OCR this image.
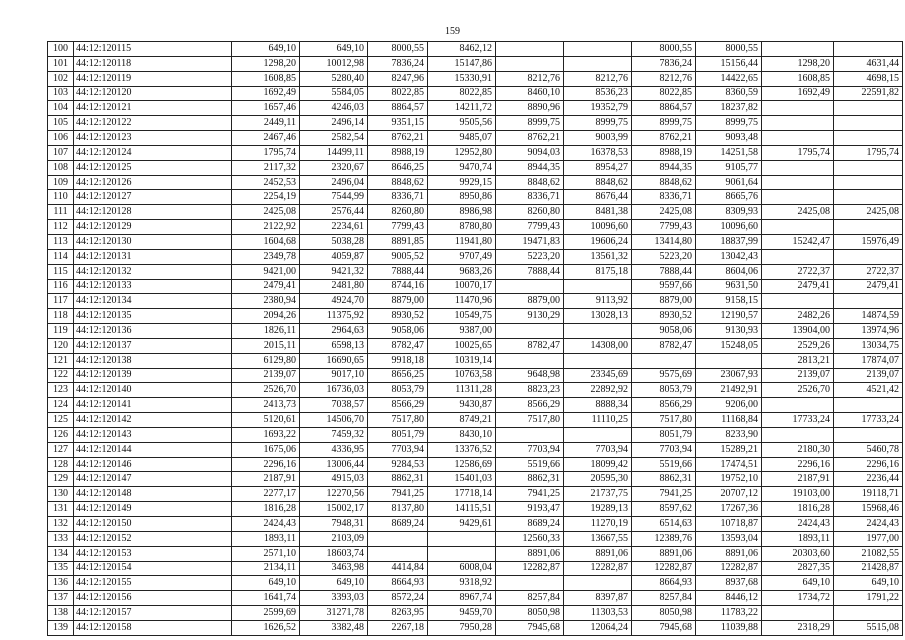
159
100	44:12:120115	649,10	649,10	8000,55	8462,12			8000,55	8000,55		
101	44:12:120118	1298,20	10012,98	7836,24	15147,86			7836,24	15156,44	1298,20	4631,44
102	44:12:120119	1608,85	5280,40	8247,96	15330,91	8212,76	8212,76	8212,76	14422,65	1608,85	4698,15
103	44:12:120120	1692,49	5584,05	8022,85	8022,85	8460,10	8536,23	8022,85	8360,59	1692,49	22591,82
104	44:12:120121	1657,46	4246,03	8864,57	14211,72	8890,96	19352,79	8864,57	18237,82		
105	44:12:120122	2449,11	2496,14	9351,15	9505,56	8999,75	8999,75	8999,75	8999,75		
106	44:12:120123	2467,46	2582,54	8762,21	9485,07	8762,21	9003,99	8762,21	9093,48		
107	44:12:120124	1795,74	14499,11	8988,19	12952,80	9094,03	16378,53	8988,19	14251,58	1795,74	1795,74
108	44:12:120125	2117,32	2320,67	8646,25	9470,74	8944,35	8954,27	8944,35	9105,77		
109	44:12:120126	2452,53	2496,04	8848,62	9929,15	8848,62	8848,62	8848,62	9061,64		
110	44:12:120127	2254,19	7544,99	8336,71	8950,86	8336,71	8676,44	8336,71	8665,76		
111	44:12:120128	2425,08	2576,44	8260,80	8986,98	8260,80	8481,38	2425,08	8309,93	2425,08	2425,08
112	44:12:120129	2122,92	2234,61	7799,43	8780,80	7799,43	10096,60	7799,43	10096,60		
113	44:12:120130	1604,68	5038,28	8891,85	11941,80	19471,83	19606,24	13414,80	18837,99	15242,47	15976,49
114	44:12:120131	2349,78	4059,87	9005,52	9707,49	5223,20	13561,32	5223,20	13042,43		
115	44:12:120132	9421,00	9421,32	7888,44	9683,26	7888,44	8175,18	7888,44	8604,06	2722,37	2722,37
116	44:12:120133	2479,41	2481,80	8744,16	10070,17			9597,66	9631,50	2479,41	2479,41
117	44:12:120134	2380,94	4924,70	8879,00	11470,96	8879,00	9113,92	8879,00	9158,15		
118	44:12:120135	2094,26	11375,92	8930,52	10549,75	9130,29	13028,13	8930,52	12190,57	2482,26	14874,59
119	44:12:120136	1826,11	2964,63	9058,06	9387,00			9058,06	9130,93	13904,00	13974,96
120	44:12:120137	2015,11	6598,13	8782,47	10025,65	8782,47	14308,00	8782,47	15248,05	2529,26	13034,75
121	44:12:120138	6129,80	16690,65	9918,18	10319,14					2813,21	17874,07
122	44:12:120139	2139,07	9017,10	8656,25	10763,58	9648,98	23345,69	9575,69	23067,93	2139,07	2139,07
123	44:12:120140	2526,70	16736,03	8053,79	11311,28	8823,23	22892,92	8053,79	21492,91	2526,70	4521,42
124	44:12:120141	2413,73	7038,57	8566,29	9430,87	8566,29	8888,34	8566,29	9206,00		
125	44:12:120142	5120,61	14506,70	7517,80	8749,21	7517,80	11110,25	7517,80	11168,84	17733,24	17733,24
126	44:12:120143	1693,22	7459,32	8051,79	8430,10			8051,79	8233,90		
127	44:12:120144	1675,06	4336,95	7703,94	13376,52	7703,94	7703,94	7703,94	15289,21	2180,30	5460,78
128	44:12:120146	2296,16	13006,44	9284,53	12586,69	5519,66	18099,42	5519,66	17474,51	2296,16	2296,16
129	44:12:120147	2187,91	4915,03	8862,31	15401,03	8862,31	20595,30	8862,31	19752,10	2187,91	2236,44
130	44:12:120148	2277,17	12270,56	7941,25	17718,14	7941,25	21737,75	7941,25	20707,12	19103,00	19118,71
131	44:12:120149	1816,28	15002,17	8137,80	14115,51	9193,47	19289,13	8597,62	17267,36	1816,28	15968,46
132	44:12:120150	2424,43	7948,31	8689,24	9429,61	8689,24	11270,19	6514,63	10718,87	2424,43	2424,43
133	44:12:120152	1893,11	2103,09			12560,33	13667,55	12389,76	13593,04	1893,11	1977,00
134	44:12:120153	2571,10	18603,74			8891,06	8891,06	8891,06	8891,06	20303,60	21082,55
135	44:12:120154	2134,11	3463,98	4414,84	6008,04	12282,87	12282,87	12282,87	12282,87	2827,35	21428,87
136	44:12:120155	649,10	649,10	8664,93	9318,92			8664,93	8937,68	649,10	649,10
137	44:12:120156	1641,74	3393,03	8572,24	8967,74	8257,84	8397,87	8257,84	8446,12	1734,72	1791,22
138	44:12:120157	2599,69	31271,78	8263,95	9459,70	8050,98	11303,53	8050,98	11783,22		
139	44:12:120158	1626,52	3382,48	2267,18	7950,28	7945,68	12064,24	7945,68	11039,88	2318,29	5515,08
